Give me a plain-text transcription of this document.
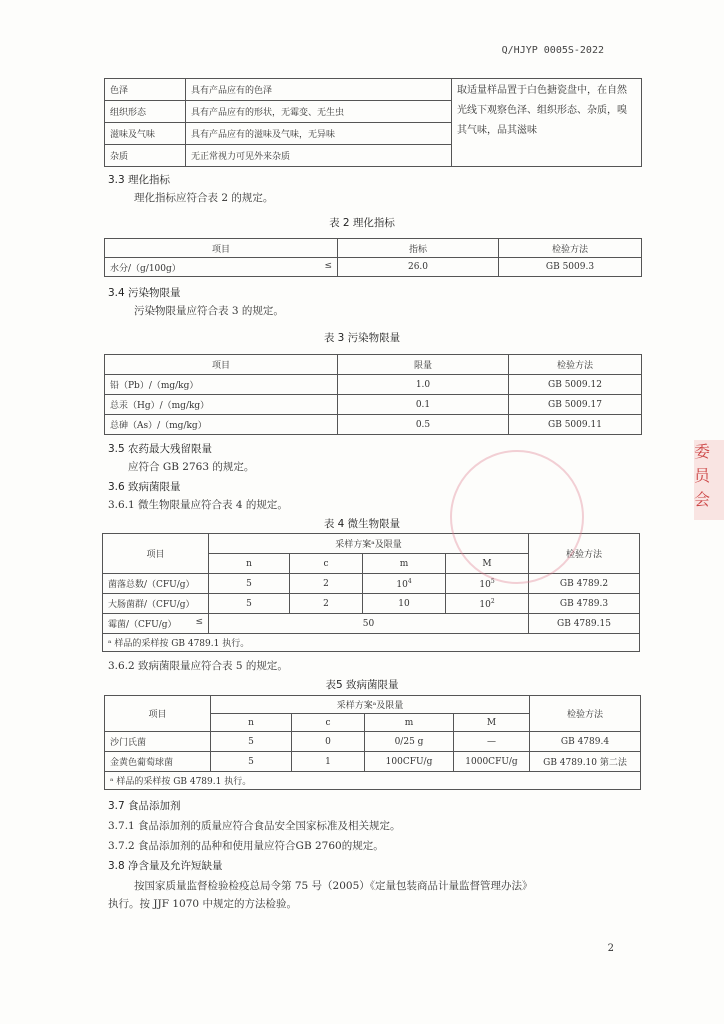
Q/HJYP 0005S-2022
色泽	具有产品应有的色泽	取适量样品置于白色搪瓷盘中，在自然光线下观察色泽、组织形态、杂质，嗅其气味，品其滋味
组织形态	具有产品应有的形状，无霉变、无生虫	
滋味及气味	具有产品应有的滋味及气味，无异味	
杂质	无正常视力可见外来杂质	
3.3 理化指标
理化指标应符合表 2 的规定。
表 2 理化指标
项目	指标	检验方法
水分/（g/100g） ≤	26.0	GB 5009.3
3.4 污染物限量
污染物限量应符合表 3 的规定。
表 3 污染物限量
项目	限量	检验方法
铅（Pb）/（mg/kg）	1.0	GB 5009.12
总汞（Hg）/（mg/kg）	0.1	GB 5009.17
总砷（As）/（mg/kg）	0.5	GB 5009.11
3.5 农药最大残留限量
应符合 GB 2763 的规定。
3.6 致病菌限量
3.6.1 微生物限量应符合表 4 的规定。
表 4 微生物限量
项目	采样方案ᵃ及限量				检验方法
	n	c	m	M	
菌落总数/（CFU/g）	5	2	$10^4$	$10^5$	GB 4789.2
大肠菌群/（CFU/g）	5	2	10	$10^2$	GB 4789.3
霉菌/（CFU/g） ≤	50				GB 4789.15
ᵃ 样品的采样按 GB 4789.1 执行。					
3.6.2 致病菌限量应符合表 5 的规定。
表5 致病菌限量
项目	采样方案ᵃ及限量				检验方法
	n	c	m	M	
沙门氏菌	5	0	0/25 g	—	GB 4789.4
金黄色葡萄球菌	5	1	100CFU/g	1000CFU/g	GB 4789.10 第二法
ᵃ 样品的采样按 GB 4789.1 执行。					
3.7 食品添加剂
3.7.1 食品添加剂的质量应符合食品安全国家标准及相关规定。
3.7.2 食品添加剂的品种和使用量应符合GB 2760的规定。
3.8 净含量及允许短缺量
按国家质量监督检验检疫总局令第 75 号（2005）《定量包装商品计量监督管理办法》
执行。按 JJF 1070 中规定的方法检验。
2
委员会
